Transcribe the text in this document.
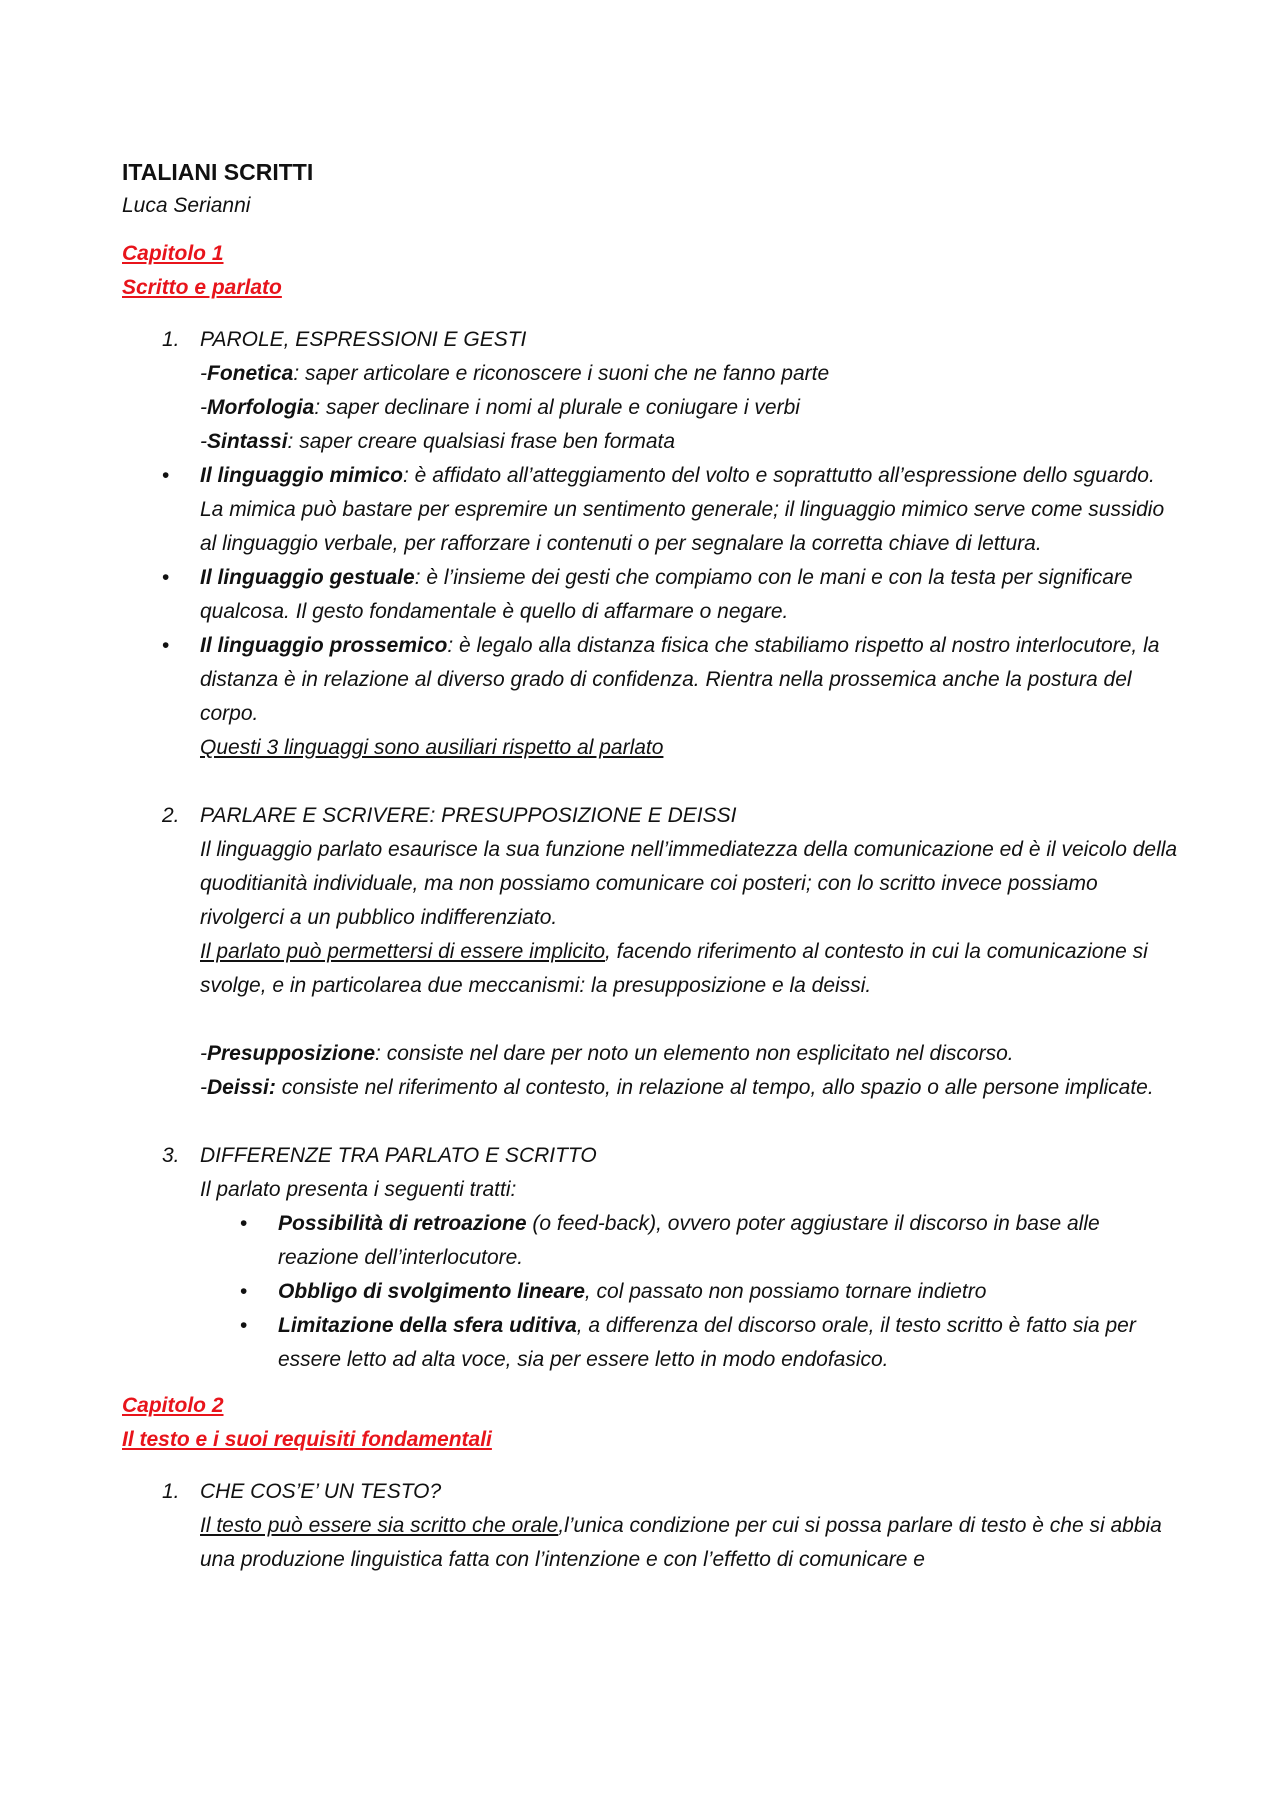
ITALIANI SCRITTI

Luca Serianni

Capitolo 1

Scritto e parlato

1. PAROLE, ESPRESSIONI E GESTI

-Fonetica: saper articolare e riconoscere i suoni che ne fanno parte

-Morfologia: saper declinare i nomi al plurale e coniugare i verbi

-Sintassi: saper creare qualsiasi frase ben formata

• Il linguaggio mimico: è affidato all’atteggiamento del volto e soprattutto all’espressione dello sguardo. La mimica può bastare per espremire un sentimento generale; il linguaggio mimico serve come sussidio al linguaggio verbale, per rafforzare i contenuti o per segnalare la corretta chiave di lettura.

• Il linguaggio gestuale: è l’insieme dei gesti che compiamo con le mani e con la testa per significare qualcosa. Il gesto fondamentale è quello di affarmare o negare.

• Il linguaggio prossemico: è legalo alla distanza fisica che stabiliamo rispetto al nostro interlocutore, la distanza è in relazione al diverso grado di confidenza. Rientra nella prossemica anche la postura del corpo.

Questi 3 linguaggi sono ausiliari rispetto al parlato

2. PARLARE E SCRIVERE: PRESUPPOSIZIONE E DEISSI

Il linguaggio parlato esaurisce la sua funzione nell’immediatezza della comunicazione ed è il veicolo della quoditianità individuale, ma non possiamo comunicare coi posteri; con lo scritto invece possiamo rivolgerci a un pubblico indifferenziato.

Il parlato può permettersi di essere implicito, facendo riferimento al contesto in cui la comunicazione si svolge, e in particolarea due meccanismi: la presupposizione e la deissi.

-Presupposizione: consiste nel dare per noto un elemento non esplicitato nel discorso.

-Deissi: consiste nel riferimento al contesto, in relazione al tempo, allo spazio o alle persone implicate.

3. DIFFERENZE TRA PARLATO E SCRITTO

Il parlato presenta i seguenti tratti:

• Possibilità di retroazione (o feed-back), ovvero poter aggiustare il discorso in base alle reazione dell’interlocutore.

• Obbligo di svolgimento lineare, col passato non possiamo tornare indietro

• Limitazione della sfera uditiva, a differenza del discorso orale, il testo scritto è fatto sia per essere letto ad alta voce, sia per essere letto in modo endofasico.

Capitolo 2

Il testo e i suoi requisiti fondamentali

1. CHE COS’E’ UN TESTO?

Il testo può essere sia scritto che orale,l’unica condizione per cui si possa parlare di testo è che si abbia una produzione linguistica fatta con l’intenzione e con l’effetto di comunicare e
